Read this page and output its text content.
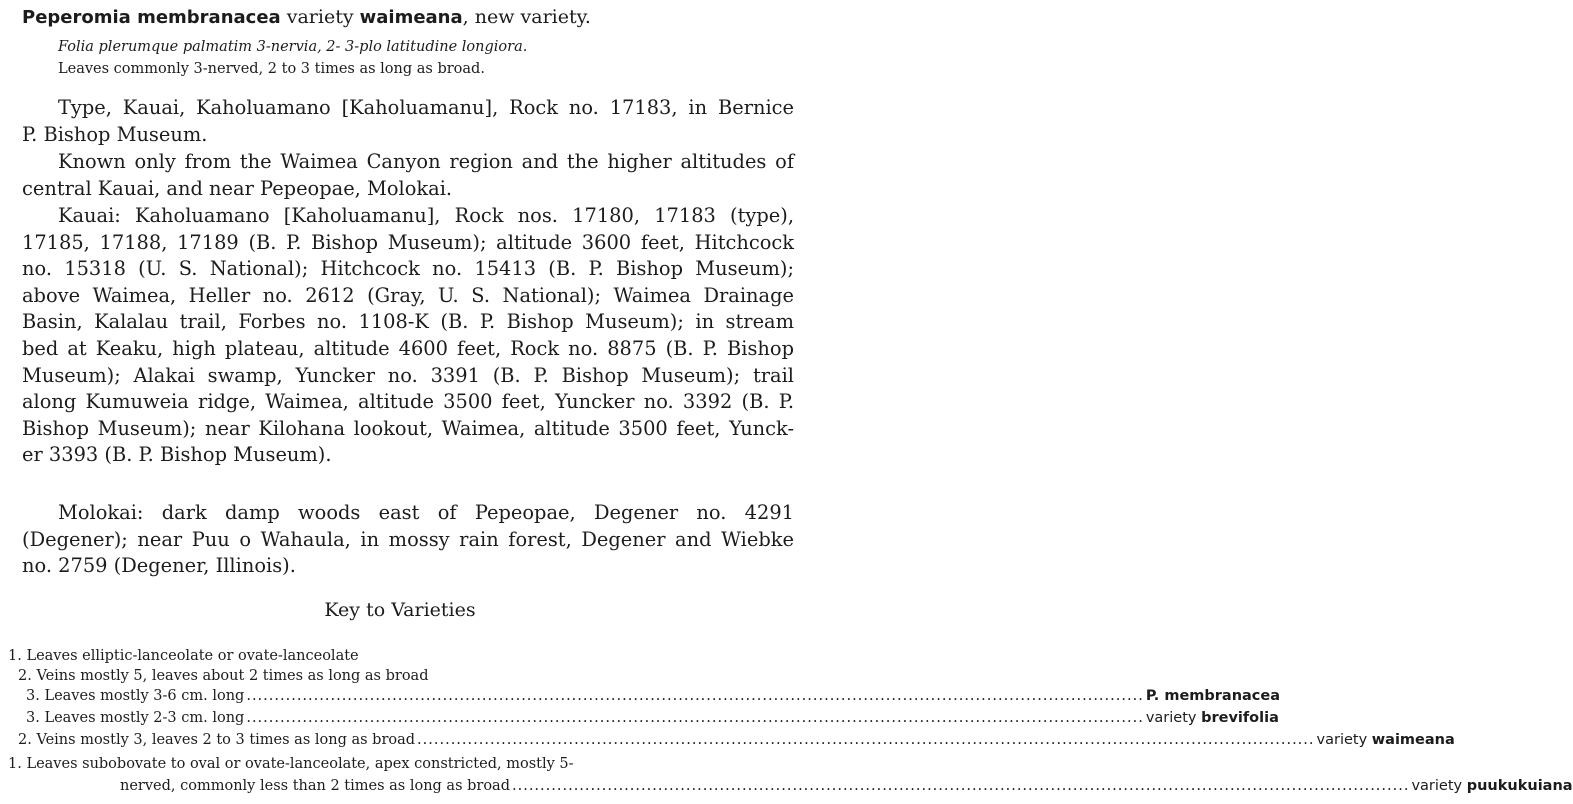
Peperomia membranacea variety waimeana, new variety.
Folia plerumque palmatim 3-nervia, 2- 3-plo latitudine longiora.
Leaves commonly 3-nerved, 2 to 3 times as long as broad.
Type, Kauai, Kaholuamano [Kaholuamanu], Rock no. 17183, in Bernice
P. Bishop Museum.
Known only from the Waimea Canyon region and the higher altitudes of
central Kauai, and near Pepeopae, Molokai.
Kauai: Kaholuamano [Kaholuamanu], Rock nos. 17180, 17183 (type),
17185, 17188, 17189 (B. P. Bishop Museum); altitude 3600 feet, Hitchcock
no. 15318 (U. S. National); Hitchcock no. 15413 (B. P. Bishop Museum);
above Waimea, Heller no. 2612 (Gray, U. S. National); Waimea Drainage
Basin, Kalalau trail, Forbes no. 1108-K (B. P. Bishop Museum); in stream
bed at Keaku, high plateau, altitude 4600 feet, Rock no. 8875 (B. P. Bishop
Museum); Alakai swamp, Yuncker no. 3391 (B. P. Bishop Museum); trail
along Kumuweia ridge, Waimea, altitude 3500 feet, Yuncker no. 3392 (B. P.
Bishop Museum); near Kilohana lookout, Waimea, altitude 3500 feet, Yunck-
er 3393 (B. P. Bishop Museum).
Molokai: dark damp woods east of Pepeopae, Degener no. 4291
(Degener); near Puu o Wahaula, in mossy rain forest, Degener and Wiebke
no. 2759 (Degener, Illinois).
Key to Varieties
1. Leaves elliptic-lanceolate or ovate-lanceolate
2. Veins mostly 5, leaves about 2 times as long as broad
3. Leaves mostly 3-6 cm. long ................................................................................................................................................................ P. membranacea
3. Leaves mostly 2-3 cm. long ................................................................................................................................................................ variety brevifolia
2. Veins mostly 3, leaves 2 to 3 times as long as broad ................................................................................................................................................................ variety waimeana
1. Leaves subobovate to oval or ovate-lanceolate, apex constricted, mostly 5-
nerved, commonly less than 2 times as long as broad ................................................................................................................................................................ variety puukukuiana
